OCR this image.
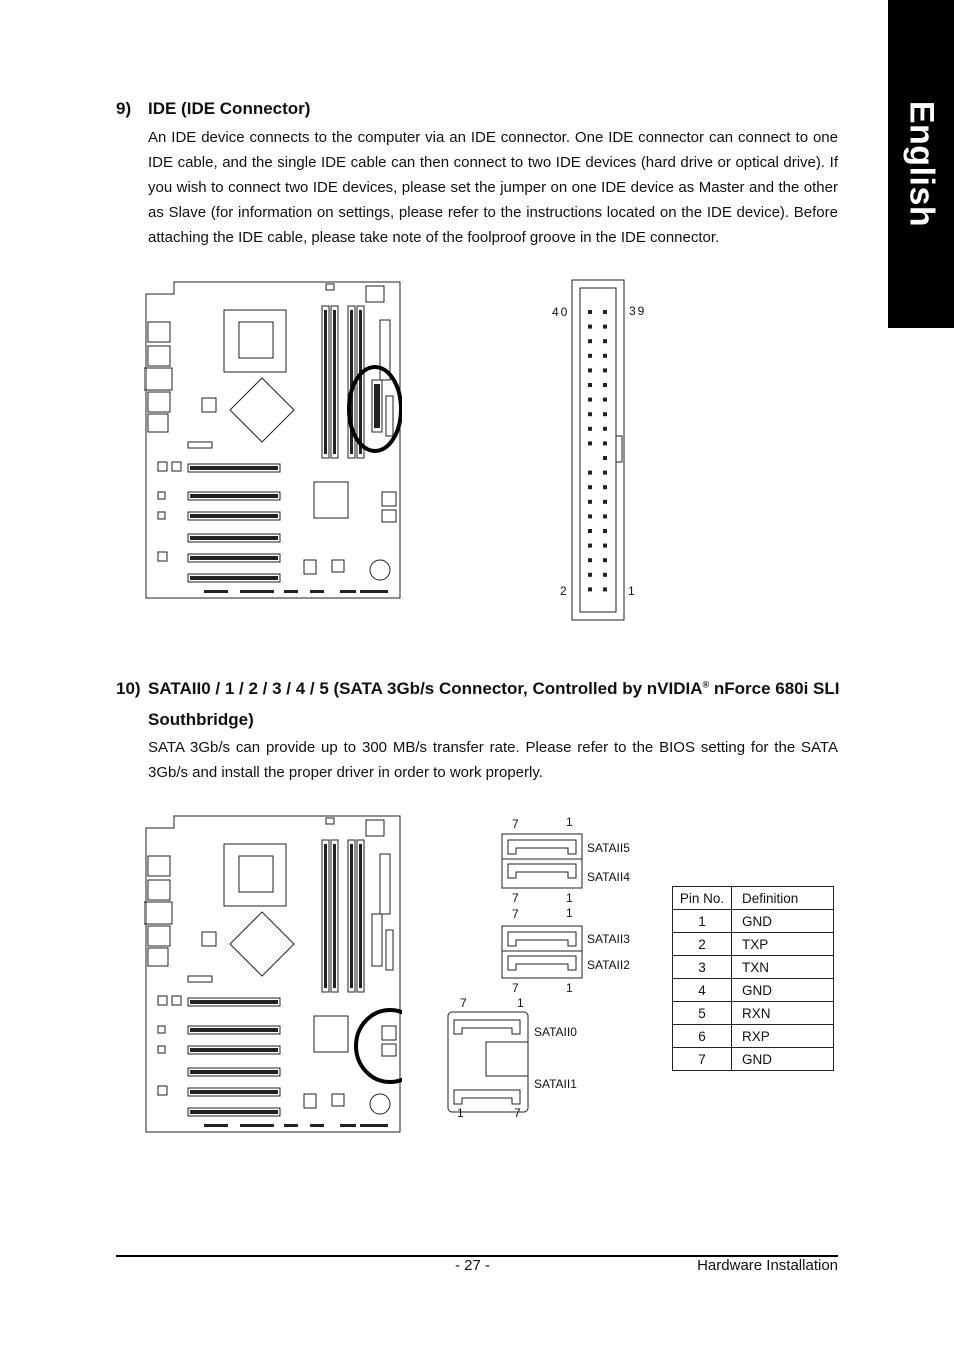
English
9) IDE (IDE Connector)
An IDE device connects to the computer via an IDE connector. One IDE connector can connect to one IDE cable, and the single IDE cable can then connect to two IDE devices (hard drive or optical drive). If you wish to connect two IDE devices, please set the jumper on one IDE device as Master and the other as Slave (for information on settings, please refer to the instructions located on the IDE device). Before attaching the IDE cable, please take note of the foolproof groove in the IDE connector.
40	39
2	1
10) SATAII0 / 1 / 2 / 3 / 4 / 5 (SATA 3Gb/s Connector, Controlled by nVIDIA® nForce 680i SLI
Southbridge)
SATA 3Gb/s can provide up to 300 MB/s transfer rate. Please refer to the BIOS setting for the SATA 3Gb/s and install the proper driver in order to work properly.
7	1
SATAII5
SATAII4
7	1
7	1
SATAII3
SATAII2
7	1
7	1
SATAII0
SATAII1
1	7
Pin No.	Definition
1	GND
2	TXP
3	TXN
4	GND
5	RXN
6	RXP
7	GND
- 27 -	Hardware Installation
